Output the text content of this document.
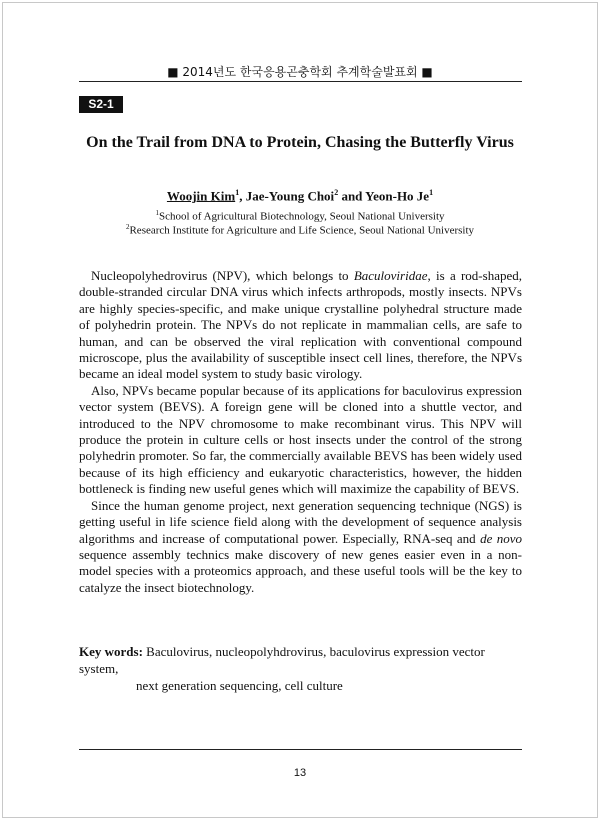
■ 2014년도 한국응용곤충학회 추계학술발표회 ■
S2-1
On the Trail from DNA to Protein, Chasing the Butterfly Virus
Woojin Kim$^1$, Jae-Young Choi$^2$ and Yeon-Ho Je$^1$
$^1$School of Agricultural Biotechnology, Seoul National University
$^2$Research Institute for Agriculture and Life Science, Seoul National University

Nucleopolyhedrovirus (NPV), which belongs to Baculoviridae, is a rod-shaped, double-stranded circular DNA virus which infects arthropods, mostly insects. NPVs are highly species-specific, and make unique crystalline polyhedral structure made of polyhedrin protein. The NPVs do not replicate in mammalian cells, are safe to human, and can be observed the viral replication with conventional compound microscope, plus the availability of susceptible insect cell lines, therefore, the NPVs became an ideal model system to study basic virology.

Also, NPVs became popular because of its applications for baculovirus expression vector system (BEVS). A foreign gene will be cloned into a shuttle vector, and introduced to the NPV chromosome to make recombinant virus. This NPV will produce the protein in culture cells or host insects under the control of the strong polyhedrin promoter. So far, the commercially available BEVS has been widely used because of its high efficiency and eukaryotic characteristics, however, the hidden bottleneck is finding new useful genes which will maximize the capability of BEVS.

Since the human genome project, next generation sequencing technique (NGS) is getting useful in life science field along with the development of sequence analysis algorithms and increase of computational power. Especially, RNA-seq and de novo sequence assembly technics make discovery of new genes easier even in a non-model species with a proteomics approach, and these useful tools will be the key to catalyze the insect biotechnology.

Key words: Baculovirus, nucleopolyhdrovirus, baculovirus expression vector system,
next generation sequencing, cell culture
13
